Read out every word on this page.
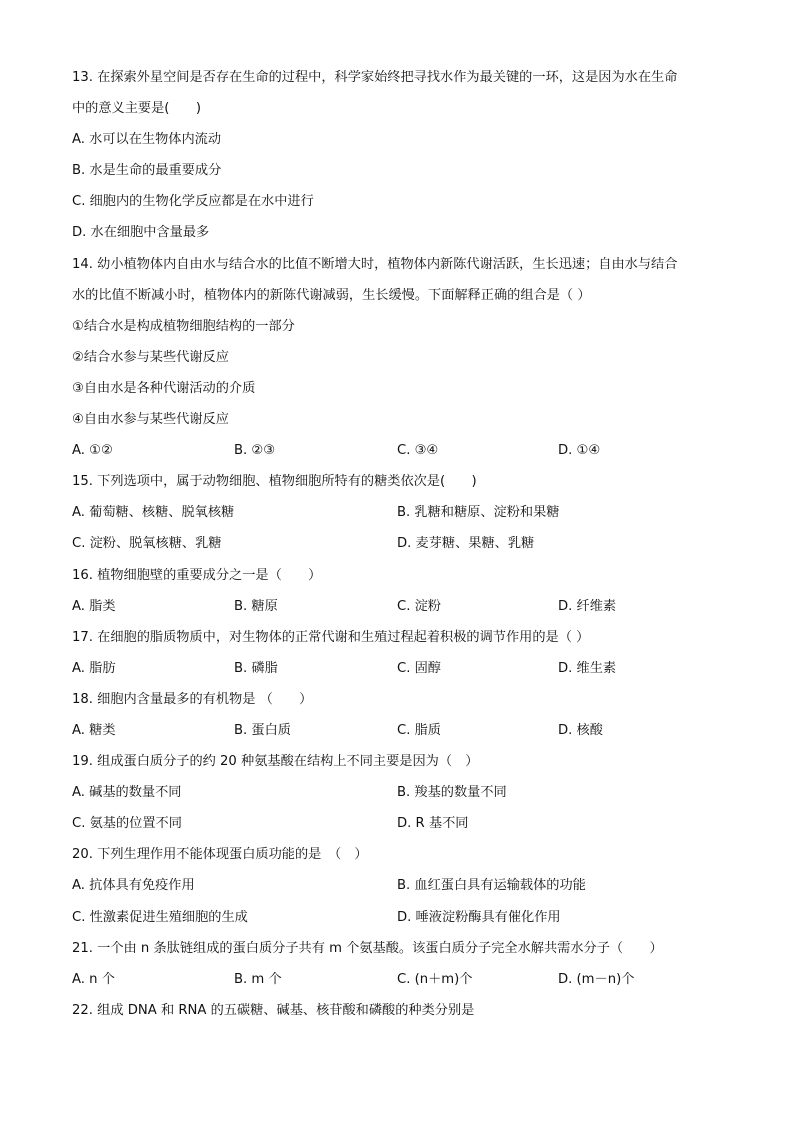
13. 在探索外星空间是否存在生命的过程中，科学家始终把寻找水作为最关键的一环，这是因为水在生命
中的意义主要是(　　)
A. 水可以在生物体内流动
B. 水是生命的最重要成分
C. 细胞内的生物化学反应都是在水中进行
D. 水在细胞中含量最多
14. 幼小植物体内自由水与结合水的比值不断增大时，植物体内新陈代谢活跃，生长迅速；自由水与结合
水的比值不断减小时，植物体内的新陈代谢减弱，生长缓慢。下面解释正确的组合是（ ）
①结合水是构成植物细胞结构的一部分
②结合水参与某些代谢反应
③自由水是各种代谢活动的介质
④自由水参与某些代谢反应
A. ①②	B. ②③	C. ③④	D. ①④
15. 下列选项中，属于动物细胞、植物细胞所特有的糖类依次是(　　)
A. 葡萄糖、核糖、脱氧核糖	B. 乳糖和糖原、淀粉和果糖
C. 淀粉、脱氧核糖、乳糖	D. 麦芽糖、果糖、乳糖
16. 植物细胞壁的重要成分之一是（　　）
A. 脂类	B. 糖原	C. 淀粉	D. 纤维素
17. 在细胞的脂质物质中，对生物体的正常代谢和生殖过程起着积极的调节作用的是（ ）
A. 脂肪	B. 磷脂	C. 固醇	D. 维生素
18. 细胞内含量最多的有机物是 （　　）
A. 糖类	B. 蛋白质	C. 脂质	D. 核酸
19. 组成蛋白质分子的约 20 种氨基酸在结构上不同主要是因为（　）
A. 碱基的数量不同	B. 羧基的数量不同
C. 氨基的位置不同	D. R 基不同
20. 下列生理作用不能体现蛋白质功能的是　（　）
A. 抗体具有免疫作用	B. 血红蛋白具有运输载体的功能
C. 性激素促进生殖细胞的生成	D. 唾液淀粉酶具有催化作用
21. 一个由 n 条肽链组成的蛋白质分子共有 m 个氨基酸。该蛋白质分子完全水解共需水分子（　　）
A. n 个	B. m 个	C. (n＋m)个	D. (m－n)个
22. 组成 DNA 和 RNA 的五碳糖、碱基、核苷酸和磷酸的种类分别是
